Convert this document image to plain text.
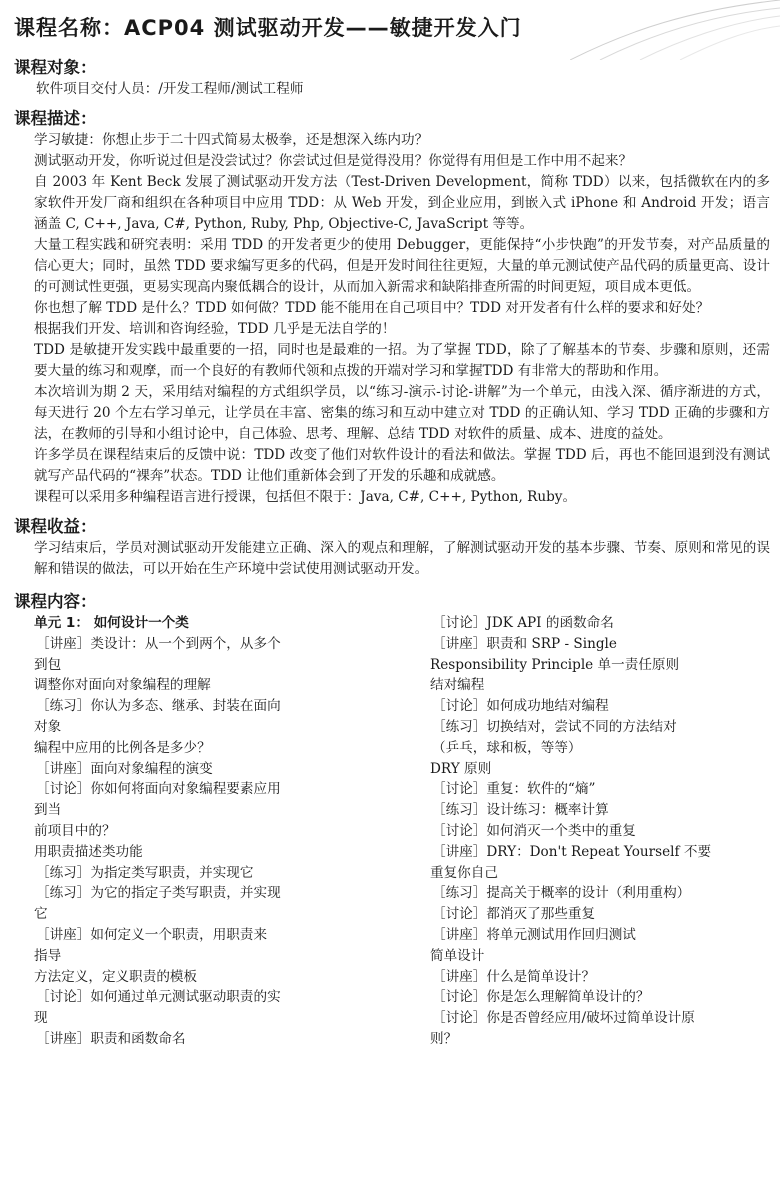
课程名称：ACP04 测试驱动开发——敏捷开发入门
课程对象：

软件项目交付人员：/开发工程师/测试工程师

课程描述：

学习敏捷：你想止步于二十四式简易太极拳，还是想深入练内功？

测试驱动开发，你听说过但是没尝试过？你尝试过但是觉得没用？你觉得有用但是工作中用不起来？

自 2003 年 Kent Beck 发展了测试驱动开发方法（Test-Driven Development，简称 TDD）以来，包括微软在内的多家软件开发厂商和组织在各种项目中应用 TDD：从 Web 开发，到企业应用，到嵌入式 iPhone 和 Android 开发；语言涵盖 C, C++, Java, C#, Python, Ruby, Php, Objective-C, JavaScript 等等。

大量工程实践和研究表明：采用 TDD 的开发者更少的使用 Debugger，更能保持“小步快跑”的开发节奏，对产品质量的信心更大；同时，虽然 TDD 要求编写更多的代码，但是开发时间往往更短，大量的单元测试使产品代码的质量更高、设计的可测试性更强，更易实现高内聚低耦合的设计，从而加入新需求和缺陷排查所需的时间更短，项目成本更低。

你也想了解 TDD 是什么？TDD 如何做？TDD 能不能用在自己项目中？TDD 对开发者有什么样的要求和好处？

根据我们开发、培训和咨询经验，TDD 几乎是无法自学的！

TDD 是敏捷开发实践中最重要的一招，同时也是最难的一招。为了掌握 TDD，除了了解基本的节奏、步骤和原则，还需要大量的练习和观摩，而一个良好的有教师代领和点拨的开端对学习和掌握TDD 有非常大的帮助和作用。

本次培训为期 2 天，采用结对编程的方式组织学员，以“练习-演示-讨论-讲解”为一个单元，由浅入深、循序渐进的方式，每天进行 20 个左右学习单元，让学员在丰富、密集的练习和互动中建立对 TDD 的正确认知、学习 TDD 正确的步骤和方法，在教师的引导和小组讨论中，自己体验、思考、理解、总结 TDD 对软件的质量、成本、进度的益处。

许多学员在课程结束后的反馈中说：TDD 改变了他们对软件设计的看法和做法。掌握 TDD 后，再也不能回退到没有测试就写产品代码的“裸奔”状态。TDD 让他们重新体会到了开发的乐趣和成就感。

课程可以采用多种编程语言进行授课，包括但不限于：Java, C#, C++, Python, Ruby。

课程收益：

学习结束后，学员对测试驱动开发能建立正确、深入的观点和理解，了解测试驱动开发的基本步骤、节奏、原则和常见的误解和错误的做法，可以开始在生产环境中尝试使用测试驱动开发。

课程内容：
单元 1： 如何设计一个类
［讲座］类设计：从一个到两个，从多个
到包
调整你对面向对象编程的理解
［练习］你认为多态、继承、封装在面向
对象
编程中应用的比例各是多少？
［讲座］面向对象编程的演变
［讨论］你如何将面向对象编程要素应用
到当
前项目中的？
用职责描述类功能
［练习］为指定类写职责，并实现它
［练习］为它的指定子类写职责，并实现
它
［讲座］如何定义一个职责，用职责来
指导
方法定义，定义职责的模板
［讨论］如何通过单元测试驱动职责的实
现
［讲座］职责和函数命名
［讨论］JDK API 的函数命名
［讲座］职责和 SRP - Single
Responsibility Principle 单一责任原则
结对编程
［讨论］如何成功地结对编程
［练习］切换结对，尝试不同的方法结对
（乒乓，球和板，等等）
DRY 原则
［讨论］重复：软件的“熵”
［练习］设计练习：概率计算
［讨论］如何消灭一个类中的重复
［讲座］DRY：Don't Repeat Yourself 不要
重复你自己
［练习］提高关于概率的设计（利用重构）
［讨论］都消灭了那些重复
［讲座］将单元测试用作回归测试
简单设计
［讲座］什么是简单设计？
［讨论］你是怎么理解简单设计的？
［讨论］你是否曾经应用/破坏过简单设计原
则？
